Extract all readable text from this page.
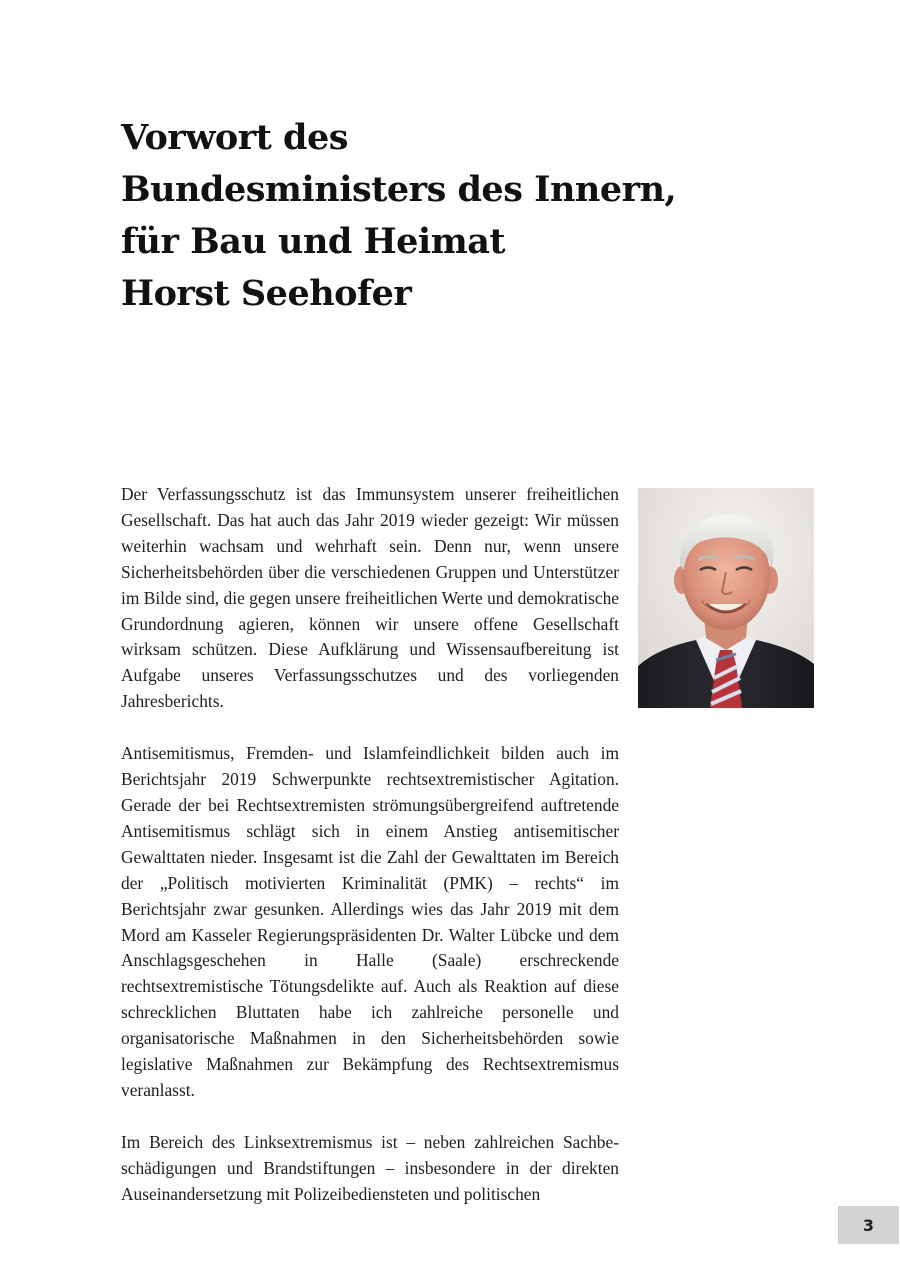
Vorwort des
Bundesministers des Innern,
für Bau und Heimat
Horst Seehofer

Der Verfassungsschutz ist das Immunsystem unserer freiheitlichen Gesellschaft. Das hat auch das Jahr 2019 wieder gezeigt: Wir müssen weiterhin wachsam und wehrhaft sein. Denn nur, wenn unsere Sicherheitsbehörden über die verschiedenen Gruppen und Unterstützer im Bilde sind, die gegen unsere freiheitlichen Werte und demokratische Grundordnung agieren, können wir unsere offene Gesellschaft wirksam schützen. Diese Aufklärung und Wissensaufbereitung ist Aufgabe unseres Verfassungsschutzes und des vorliegenden Jahresberichts.

Antisemitismus, Fremden- und Islamfeindlichkeit bilden auch im Berichtsjahr 2019 Schwerpunkte rechtsextremistischer Agitation. Gerade der bei Rechtsextremisten strömungsübergreifend auftretende Antisemitismus schlägt sich in einem Anstieg antisemitischer Gewalttaten nieder. Insgesamt ist die Zahl der Gewalttaten im Bereich der „Politisch motivierten Kriminalität (PMK) – rechts“ im Berichtsjahr zwar gesunken. Allerdings wies das Jahr 2019 mit dem Mord am Kasseler Regierungspräsidenten Dr. Walter Lübcke und dem Anschlagsgeschehen in Halle (Saale) erschreckende rechtsextremistische Tötungsdelikte auf. Auch als Reaktion auf diese schrecklichen Bluttaten habe ich zahlreiche personelle und organisatorische Maßnahmen in den Sicherheitsbehörden sowie legislative Maßnahmen zur Bekämpfung des Rechtsextremismus veranlasst.

Im Bereich des Linksextremismus ist – neben zahlreichen Sachbeschädigungen und Brandstiftungen – insbesondere in der direkten Auseinandersetzung mit Polizeibediensteten und politischen

3
